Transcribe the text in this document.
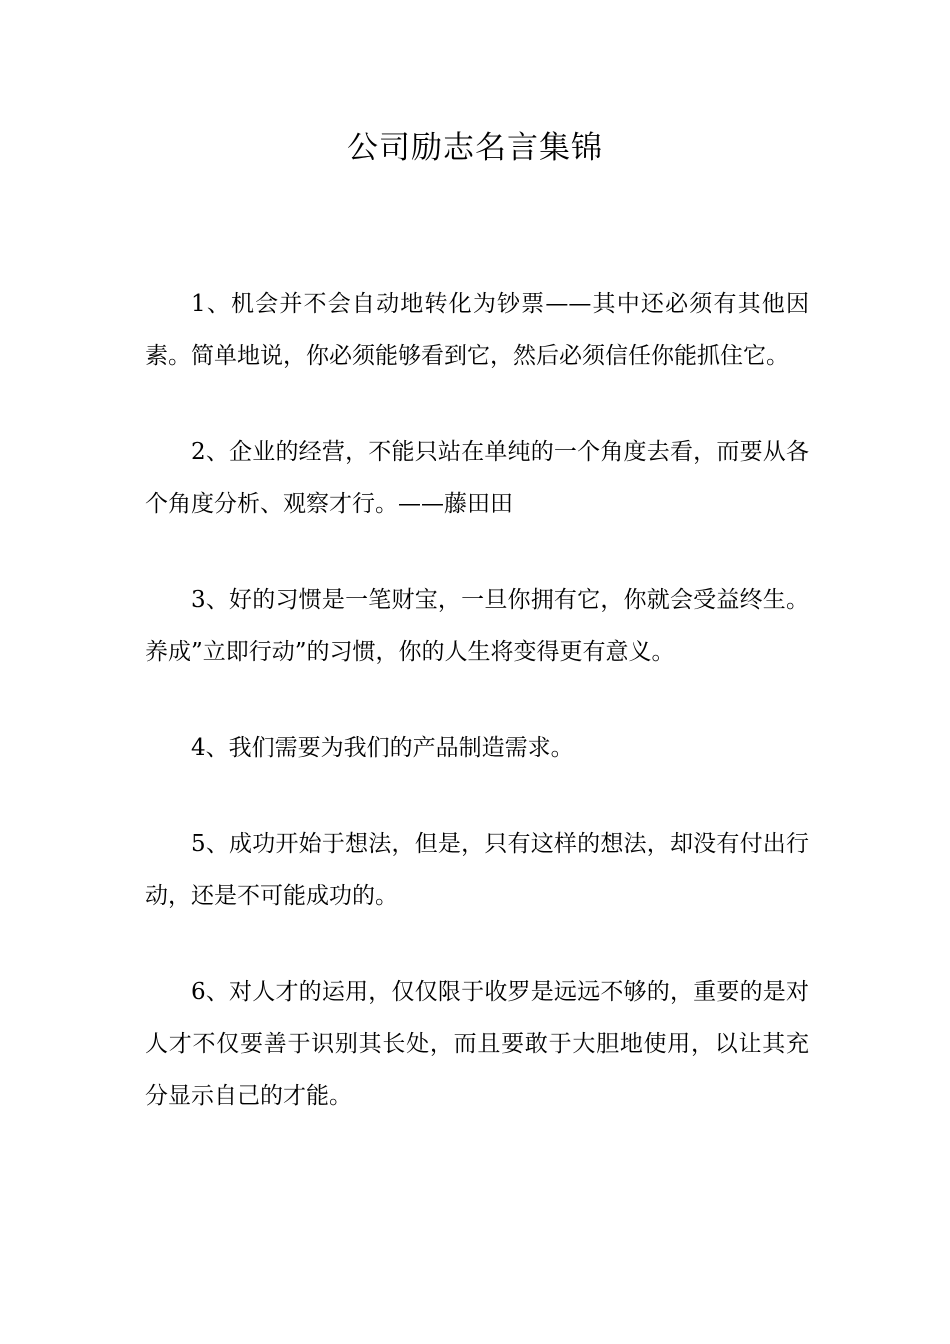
公司励志名言集锦

1、机会并不会自动地转化为钞票——其中还必须有其他因素。简单地说，你必须能够看到它，然后必须信任你能抓住它。

2、企业的经营，不能只站在单纯的一个角度去看，而要从各个角度分析、观察才行。——藤田田

3、好的习惯是一笔财宝，一旦你拥有它，你就会受益终生。养成”立即行动”的习惯，你的人生将变得更有意义。

4、我们需要为我们的产品制造需求。

5、成功开始于想法，但是，只有这样的想法，却没有付出行动，还是不可能成功的。

6、对人才的运用，仅仅限于收罗是远远不够的，重要的是对人才不仅要善于识别其长处，而且要敢于大胆地使用，以让其充分显示自己的才能。
